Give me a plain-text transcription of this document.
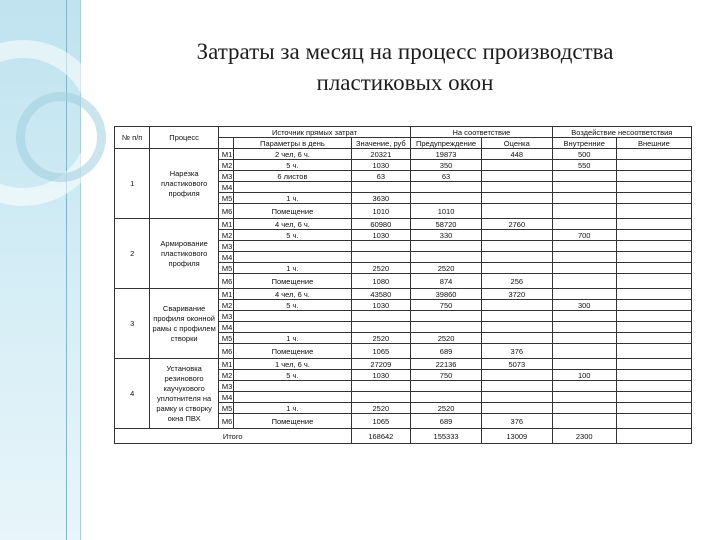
Затраты за месяц на процесс производства
пластиковых окон
№ п/п	Процесс	Источник прямых затрат			На соответствие		Воздействие несоответствия	
			Параметры в день	Значение, руб	Предупреждение	Оценка	Внутренние	Внешние
1	Нарезка пластикового профиля	М1	2 чел, 6 ч.	20321	19873	448	500	
		М2	5 ч.	1030	350		550	
		М3	6 листов	63	63			
		М4						
		М5	1 ч.	3630				
		М6	Помещение	1010	1010			
2	Армирование пластикового профиля	М1	4 чел, 6 ч.	60980	58720	2760		
		М2	5 ч.	1030	330		700	
		М3						
		М4						
		М5	1 ч.	2520	2520			
		М6	Помещение	1080	874	256		
3	Сваривание профиля оконной рамы с профилем створки	М1	4 чел, 6 ч.	43580	39860	3720		
		М2	5 ч.	1030	750		300	
		М3						
		М4						
		М5	1 ч.	2520	2520			
		М6	Помещение	1065	689	376		
4	Установка резинового каучукового уплотнителя на рамку и створку окна ПВХ	М1	1 чел, 6 ч.	27209	22136	5073		
		М2	5 ч.	1030	750		100	
		М3						
		М4						
		М5	1 ч.	2520	2520			
		М6	Помещение	1065	689	376		
Итого				168642	155333	13009	2300	
